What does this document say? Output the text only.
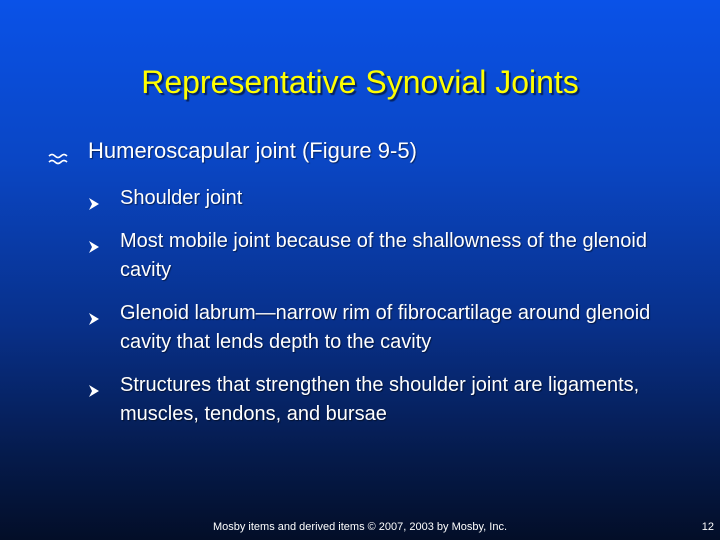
Representative Synovial Joints
Humeroscapular joint (Figure 9-5)
Shoulder joint
Most mobile joint because of the shallowness of the glenoid cavity
Glenoid labrum—narrow rim of fibrocartilage around glenoid cavity that lends depth to the cavity
Structures that strengthen the shoulder joint are ligaments, muscles, tendons, and bursae
Mosby items and derived items © 2007, 2003 by Mosby, Inc.	12
